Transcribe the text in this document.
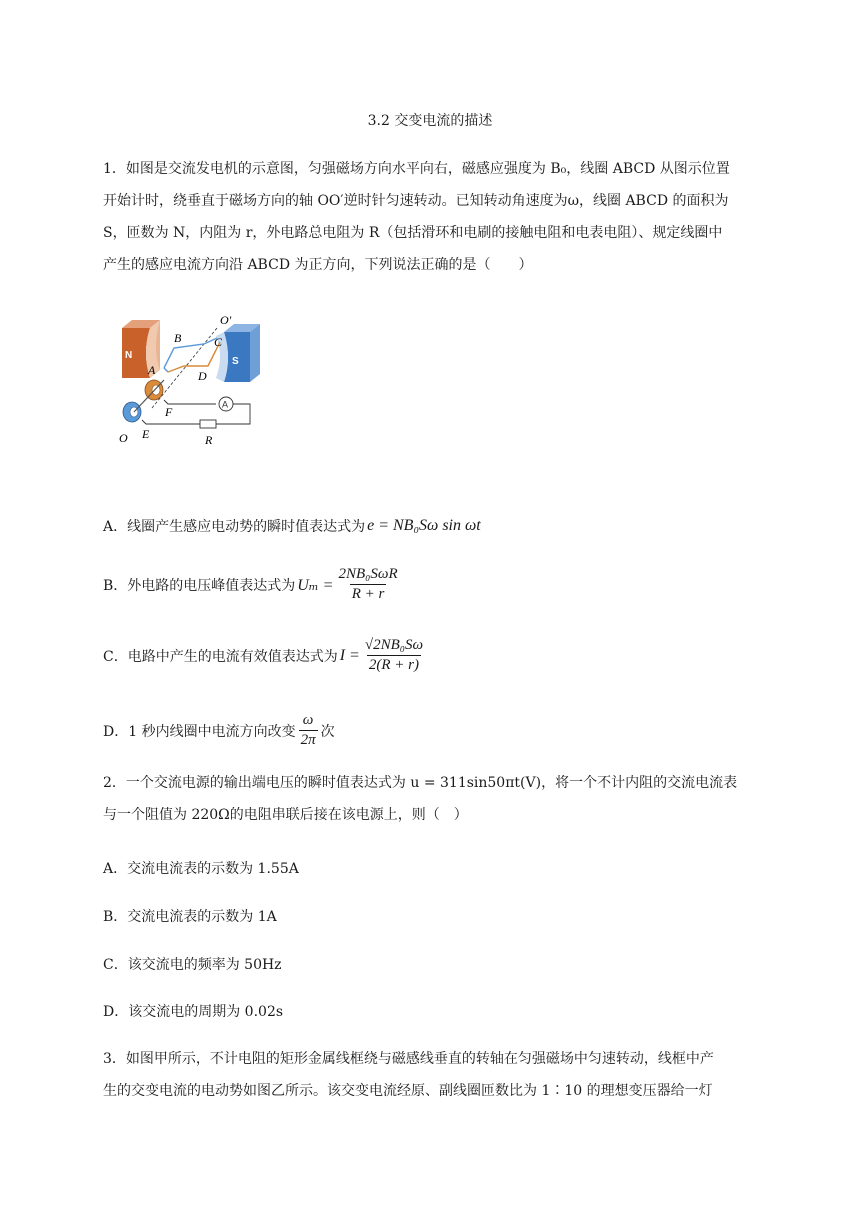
3.2 交变电流的描述
1．如图是交流发电机的示意图，匀强磁场方向水平向右，磁感应强度为 B₀，线圈 ABCD 从图示位置
开始计时，绕垂直于磁场方向的轴 OO′逆时针匀速转动。已知转动角速度为ω，线圈 ABCD 的面积为
S，匝数为 N，内阻为 r，外电路总电阻为 R（包括滑环和电刷的接触电阻和电表电阻）、规定线圈中
产生的感应电流方向沿 ABCD 为正方向，下列说法正确的是（　　）
N
S
A
B
O′
C
A	D
F
O E	R
A．线圈产生感应电动势的瞬时值表达式为 e = NB₀Sω sin ωt
B．外电路的电压峰值表达式为 $U_m = \frac{\text{2NB₀SωR}}{R + r}$
C．电路中产生的电流有效值表达式为 $I = \frac{\text{√2NB₀Sω}}{2(R + r)}$
D．1 秒内线圈中电流方向改变 $\frac{\omega}{2\pi}$ 次
2．一个交流电源的输出端电压的瞬时值表达式为 u = 311sin50πt(V)，将一个不计内阻的交流电流表
与一个阻值为 220Ω的电阻串联后接在该电源上，则（　）
A．交流电流表的示数为 1.55A
B．交流电流表的示数为 1A
C．该交流电的频率为 50Hz
D．该交流电的周期为 0.02s
3．如图甲所示，不计电阻的矩形金属线框绕与磁感线垂直的转轴在匀强磁场中匀速转动，线框中产
生的交变电流的电动势如图乙所示。该交变电流经原、副线圈匝数比为 1∶10 的理想变压器给一灯
